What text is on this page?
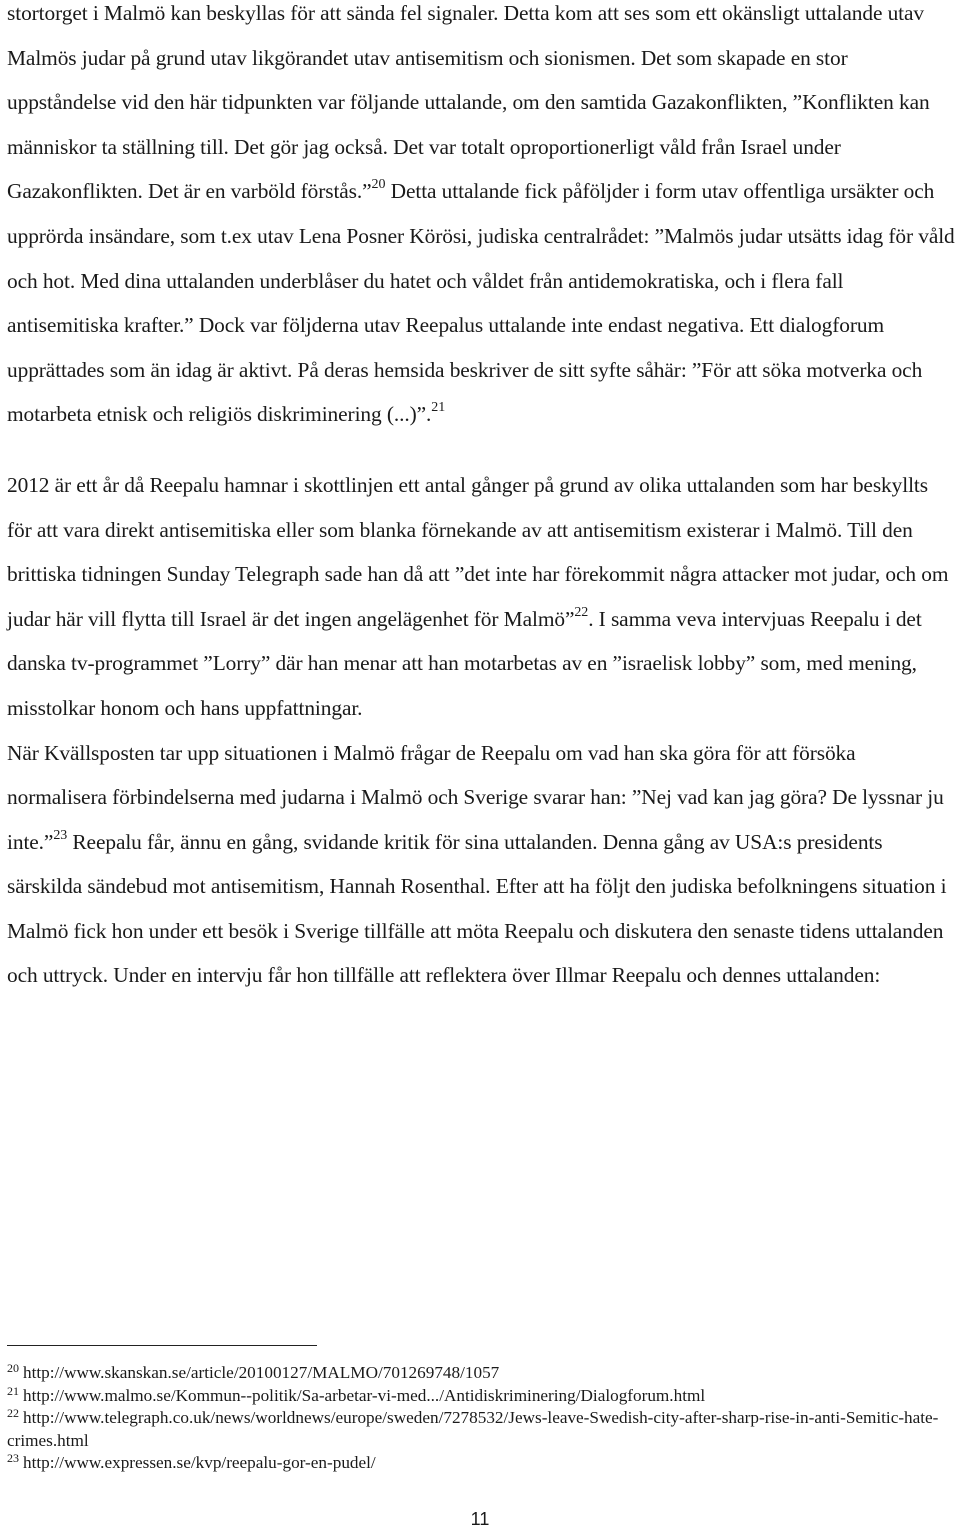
stortorget i Malmö kan beskyllas för att sända fel signaler. Detta kom att ses som ett okänsligt uttalande utav Malmös judar på grund utav likgörandet utav antisemitism och sionismen. Det som skapade en stor uppståndelse vid den här tidpunkten var följande uttalande, om den samtida Gazakonflikten, ”Konflikten kan människor ta ställning till. Det gör jag också. Det var totalt oproportionerligt våld från Israel under Gazakonflikten. Det är en varböld förstås.”$^{20}$ Detta uttalande fick påföljder i form utav offentliga ursäkter och upprörda insändare, som t.ex utav Lena Posner Körösi, judiska centralrådet: ”Malmös judar utsätts idag för våld och hot. Med dina uttalanden underblåser du hatet och våldet från antidemokratiska, och i flera fall antisemitiska krafter.” Dock var följderna utav Reepalus uttalande inte endast negativa. Ett dialogforum upprättades som än idag är aktivt. På deras hemsida beskriver de sitt syfte såhär: ”För att söka motverka och motarbeta etnisk och religiös diskriminering (...)”.$^{21}$

2012 är ett år då Reepalu hamnar i skottlinjen ett antal gånger på grund av olika uttalanden som har beskyllts för att vara direkt antisemitiska eller som blanka förnekande av att antisemitism existerar i Malmö. Till den brittiska tidningen Sunday Telegraph sade han då att ”det inte har förekommit några attacker mot judar, och om judar här vill flytta till Israel är det ingen angelägenhet för Malmö”$^{22}$. I samma veva intervjuas Reepalu i det danska tv-programmet ”Lorry” där han menar att han motarbetas av en ”israelisk lobby” som, med mening, misstolkar honom och hans uppfattningar.

När Kvällsposten tar upp situationen i Malmö frågar de Reepalu om vad han ska göra för att försöka normalisera förbindelserna med judarna i Malmö och Sverige svarar han: ”Nej vad kan jag göra? De lyssnar ju inte.”$^{23}$ Reepalu får, ännu en gång, svidande kritik för sina uttalanden. Denna gång av USA:s presidents särskilda sändebud mot antisemitism, Hannah Rosenthal. Efter att ha följt den judiska befolkningens situation i Malmö fick hon under ett besök i Sverige tillfälle att möta Reepalu och diskutera den senaste tidens uttalanden och uttryck. Under en intervju får hon tillfälle att reflektera över Illmar Reepalu och dennes uttalanden:

$^{20}$ http://www.skanskan.se/article/20100127/MALMO/701269748/1057

$^{21}$ http://www.malmo.se/Kommun--politik/Sa-arbetar-vi-med.../Antidiskriminering/Dialogforum.html

$^{22}$ http://www.telegraph.co.uk/news/worldnews/europe/sweden/7278532/Jews-leave-Swedish-city-after-sharp-rise-in-anti-Semitic-hate-crimes.html

$^{23}$ http://www.expressen.se/kvp/reepalu-gor-en-pudel/

11
